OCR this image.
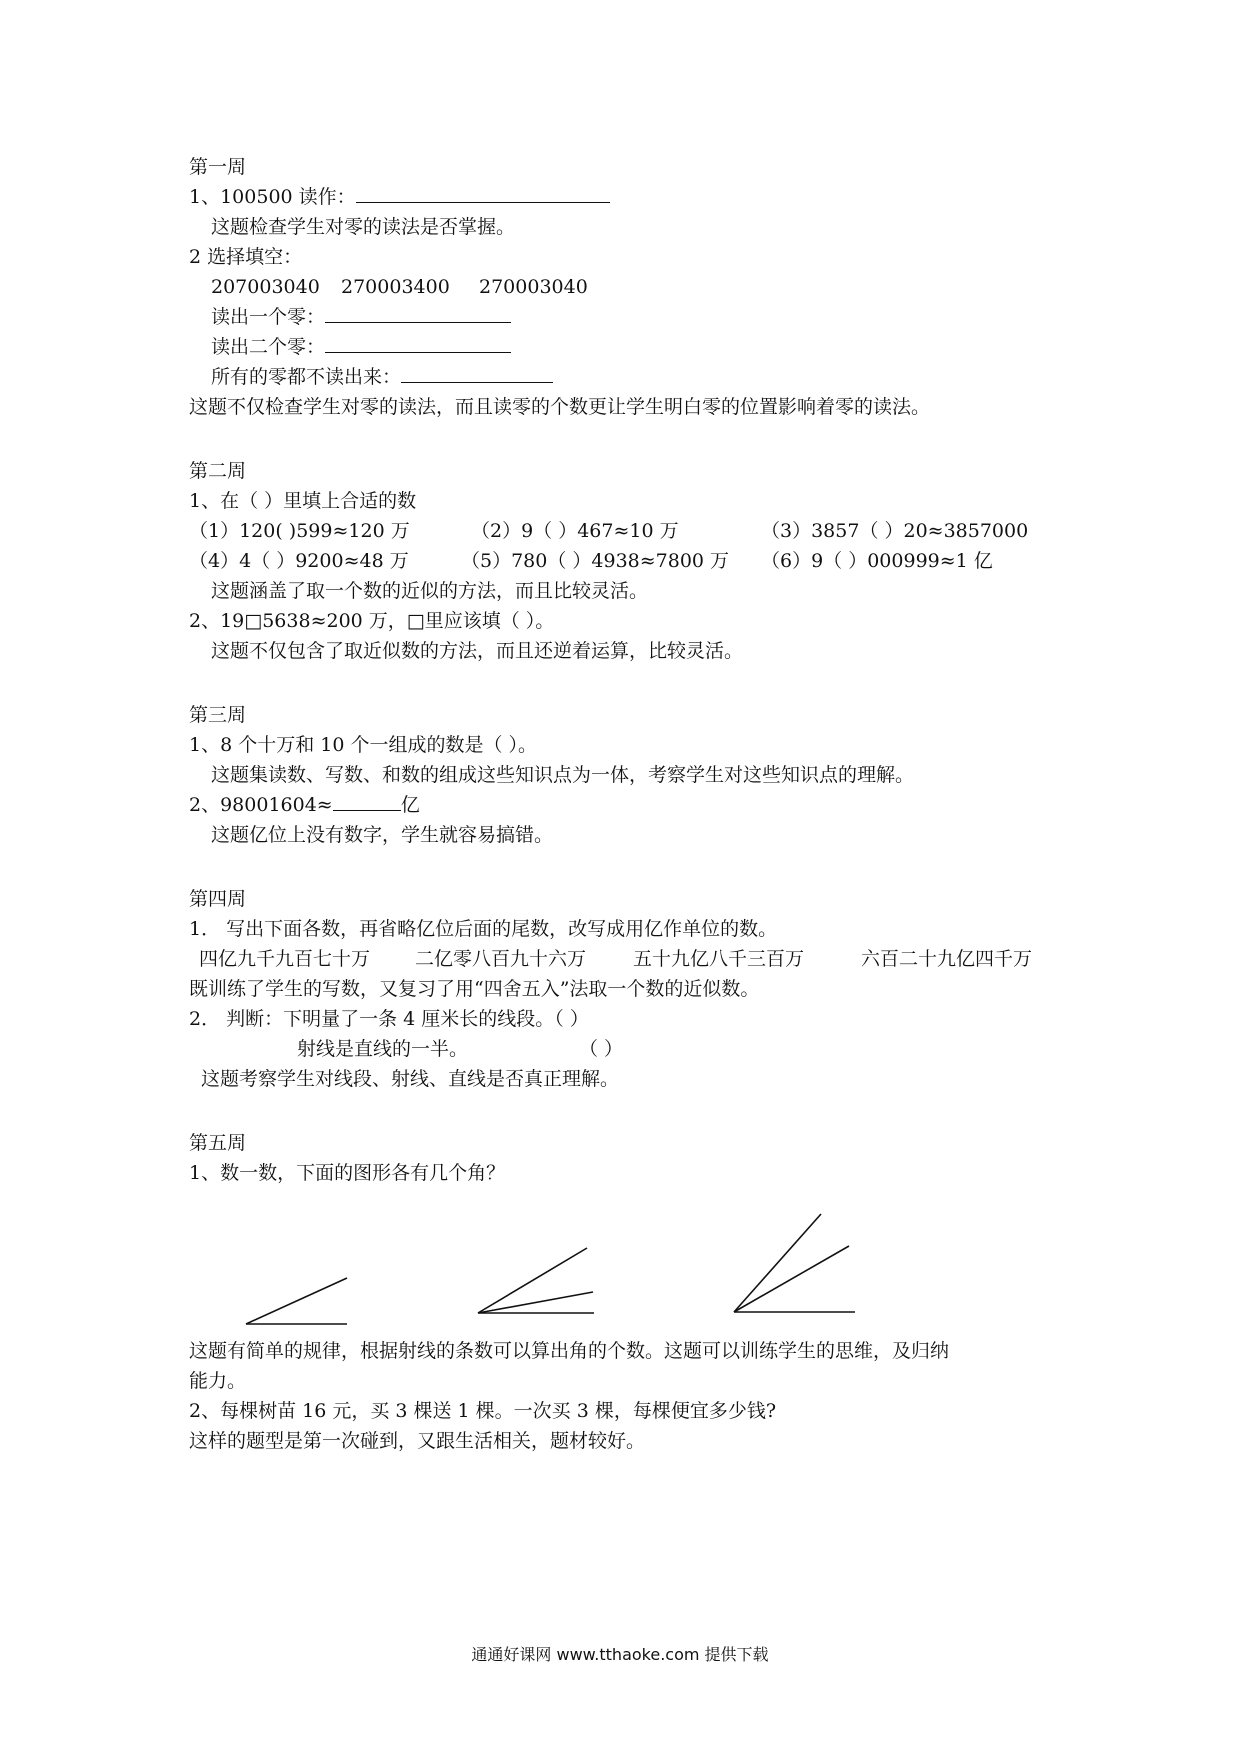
第一周
1、100500 读作：
这题检查学生对零的读法是否掌握。
2 选择填空：
207003040 270003400 270003040
读出一个零：
读出二个零：
所有的零都不读出来：
这题不仅检查学生对零的读法，而且读零的个数更让学生明白零的位置影响着零的读法。
第二周
1、在（ ）里填上合适的数
（1）120( )599≈120 万	（2）9（ ）467≈10 万	（3）3857（ ）20≈3857000
（4）4（ ）9200≈48 万	（5）780（ ）4938≈7800 万 （6）9（ ）000999≈1 亿
这题涵盖了取一个数的近似的方法，而且比较灵活。
2、19□5638≈200 万，□里应该填（ ）。
这题不仅包含了取近似数的方法，而且还逆着运算，比较灵活。
第三周
1、8 个十万和 10 个一组成的数是（ ）。
这题集读数、写数、和数的组成这些知识点为一体，考察学生对这些知识点的理解。
2、98001604≈	亿
这题亿位上没有数字，学生就容易搞错。
第四周
1． 写出下面各数，再省略亿位后面的尾数，改写成用亿作单位的数。
四亿九千九百七十万 二亿零八百九十六万 五十九亿八千三百万	六百二十九亿四千万
既训练了学生的写数，又复习了用“四舍五入”法取一个数的近似数。
2． 判断：下明量了一条 4 厘米长的线段。（ ）
射线是直线的一半。	（ ）
这题考察学生对线段、射线、直线是否真正理解。
第五周
1、数一数，下面的图形各有几个角？
这题有简单的规律，根据射线的条数可以算出角的个数。这题可以训练学生的思维，及归纳
能力。
2、每棵树苗 16 元，买 3 棵送 1 棵。一次买 3 棵，每棵便宜多少钱?
这样的题型是第一次碰到，又跟生活相关，题材较好。
通通好课网 www.tthaoke.com 提供下载
